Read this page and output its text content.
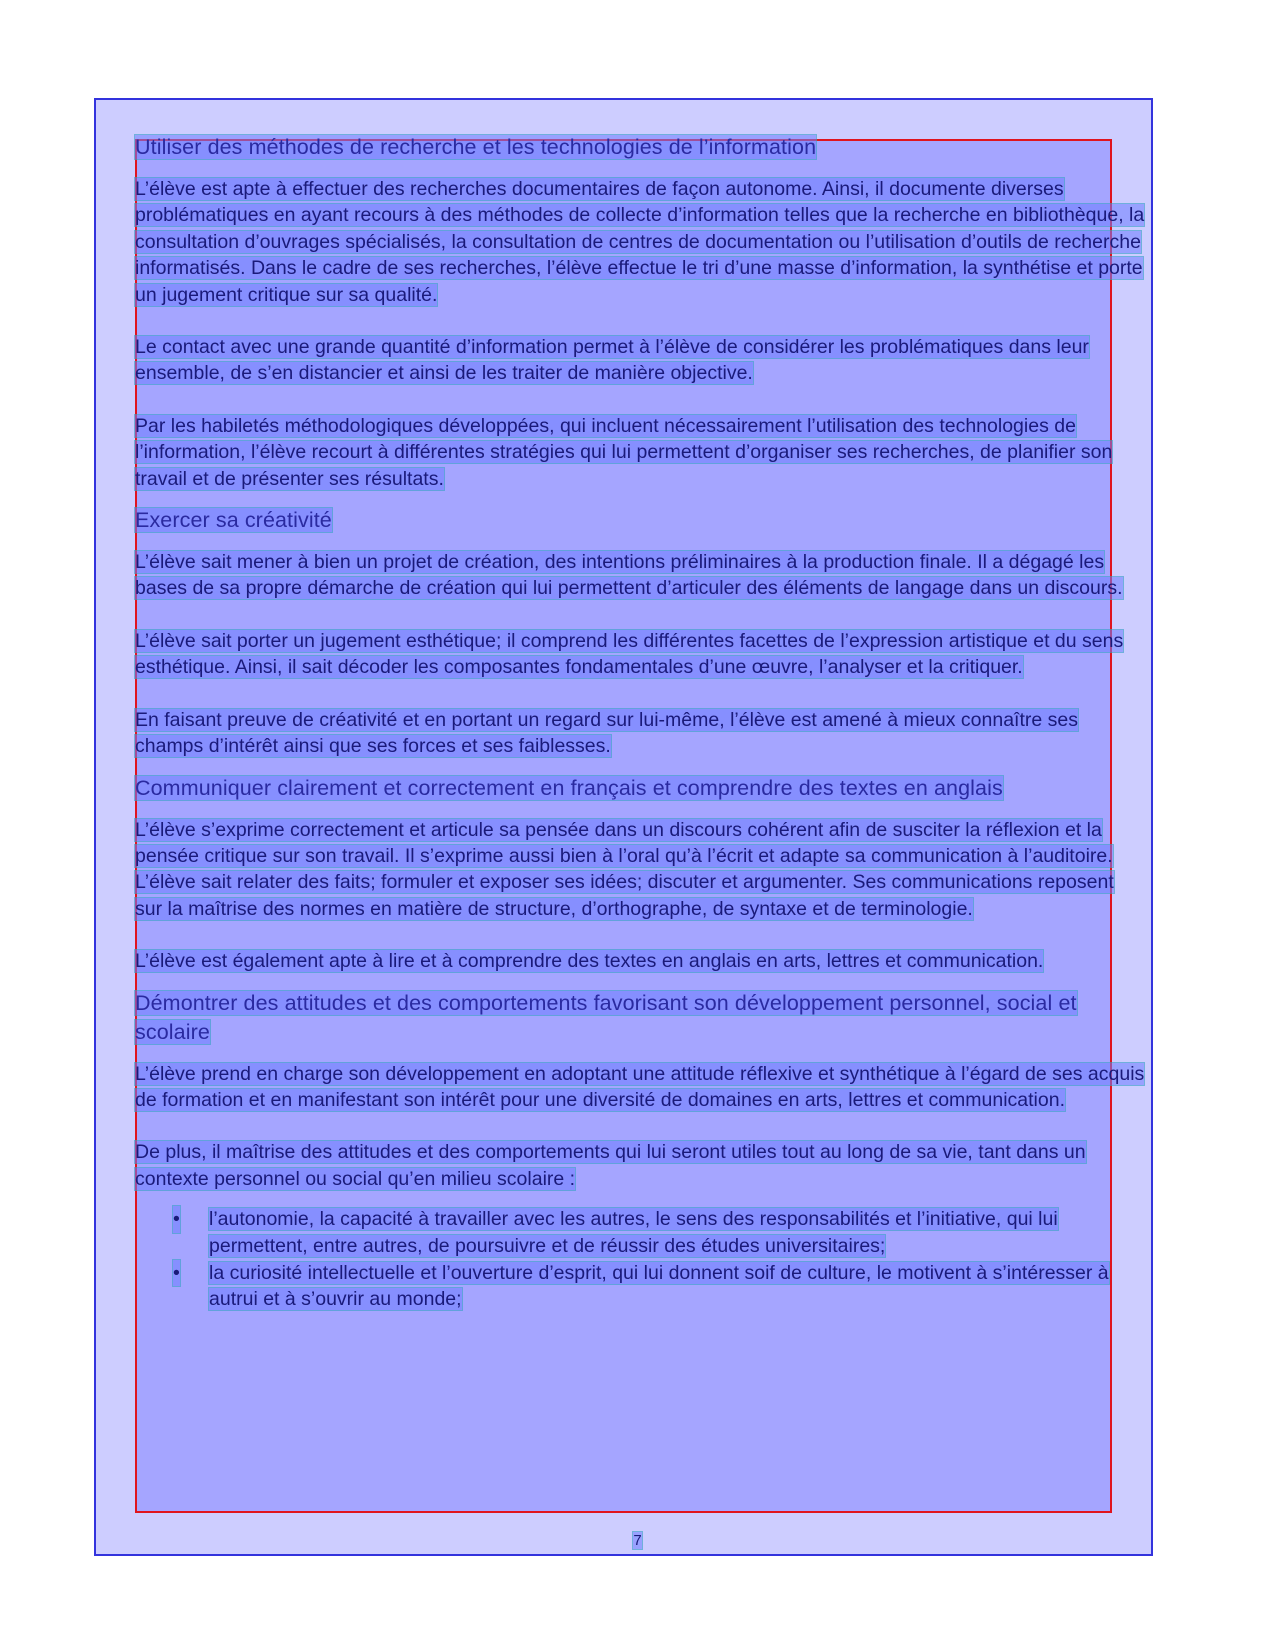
Utiliser des méthodes de recherche et les technologies de l’information

L’élève est apte à effectuer des recherches documentaires de façon autonome. Ainsi, il documente diverses problématiques en ayant recours à des méthodes de collecte d’information telles que la recherche en bibliothèque, la consultation d’ouvrages spécialisés, la consultation de centres de documentation ou l’utilisation d’outils de recherche informatisés. Dans le cadre de ses recherches, l’élève effectue le tri d’une masse d’information, la synthétise et porte un jugement critique sur sa qualité.

Le contact avec une grande quantité d’information permet à l’élève de considérer les problématiques dans leur ensemble, de s’en distancier et ainsi de les traiter de manière objective.

Par les habiletés méthodologiques développées, qui incluent nécessairement l’utilisation des technologies de l’information, l’élève recourt à différentes stratégies qui lui permettent d’organiser ses recherches, de planifier son travail et de présenter ses résultats.

Exercer sa créativité

L’élève sait mener à bien un projet de création, des intentions préliminaires à la production finale. Il a dégagé les bases de sa propre démarche de création qui lui permettent d’articuler des éléments de langage dans un discours.

L’élève sait porter un jugement esthétique; il comprend les différentes facettes de l’expression artistique et du sens esthétique. Ainsi, il sait décoder les composantes fondamentales d’une œuvre, l’analyser et la critiquer.

En faisant preuve de créativité et en portant un regard sur lui-même, l’élève est amené à mieux connaître ses champs d’intérêt ainsi que ses forces et ses faiblesses.

Communiquer clairement et correctement en français et comprendre des textes en anglais

L’élève s’exprime correctement et articule sa pensée dans un discours cohérent afin de susciter la réflexion et la pensée critique sur son travail. Il s’exprime aussi bien à l’oral qu’à l’écrit et adapte sa communication à l’auditoire. L’élève sait relater des faits; formuler et exposer ses idées; discuter et argumenter. Ses communications reposent sur la maîtrise des normes en matière de structure, d’orthographe, de syntaxe et de terminologie.

L’élève est également apte à lire et à comprendre des textes en anglais en arts, lettres et communication.

Démontrer des attitudes et des comportements favorisant son développement personnel, social et scolaire

L’élève prend en charge son développement en adoptant une attitude réflexive et synthétique à l’égard de ses acquis de formation et en manifestant son intérêt pour une diversité de domaines en arts, lettres et communication.

De plus, il maîtrise des attitudes et des comportements qui lui seront utiles tout au long de sa vie, tant dans un contexte personnel ou social qu’en milieu scolaire :

• l’autonomie, la capacité à travailler avec les autres, le sens des responsabilités et l’initiative, qui lui permettent, entre autres, de poursuivre et de réussir des études universitaires;
• la curiosité intellectuelle et l’ouverture d’esprit, qui lui donnent soif de culture, le motivent à s’intéresser à autrui et à s’ouvrir au monde;
7
